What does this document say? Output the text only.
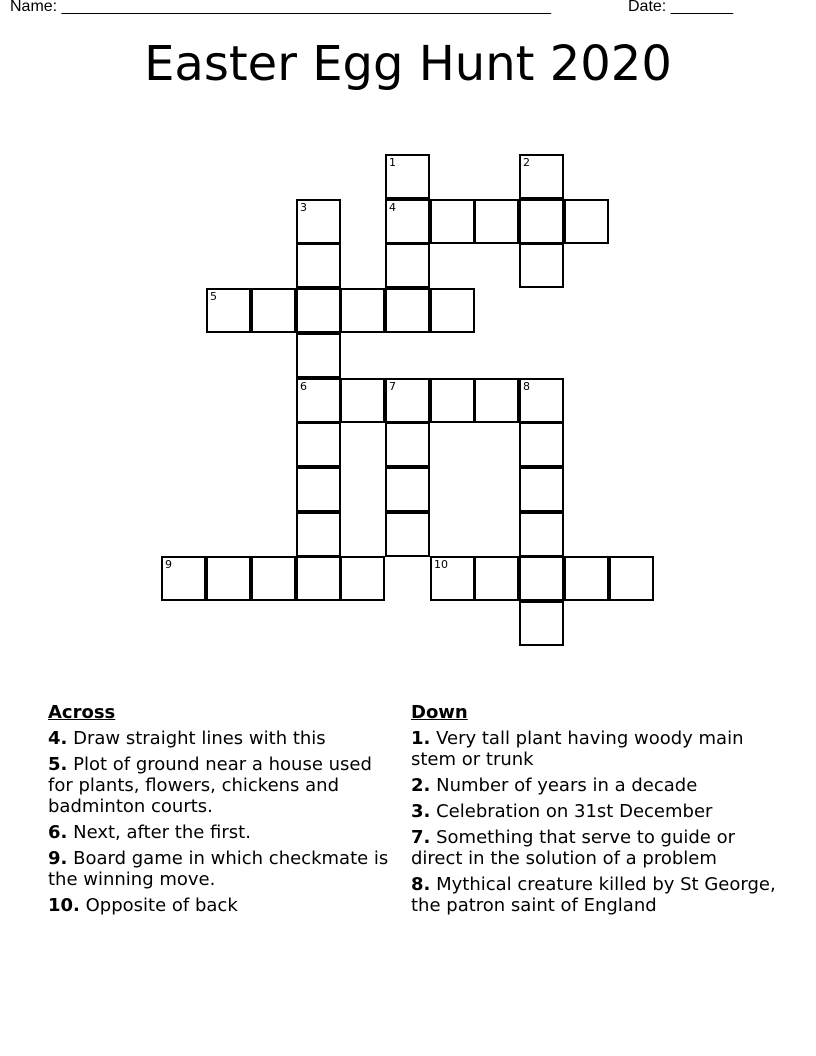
Name: _______________________________________________________	Date: _______
Easter Egg Hunt 2020
1	2
3	4
5
6	7	8
9	10
Across
4. Draw straight lines with this
5. Plot of ground near a house used for plants, flowers, chickens and badminton courts.
6. Next, after the first.
9. Board game in which checkmate is the winning move.
10. Opposite of back
Down
1. Very tall plant having woody main stem or trunk
2. Number of years in a decade
3. Celebration on 31st December
7. Something that serve to guide or direct in the solution of a problem
8. Mythical creature killed by St George, the patron saint of England
